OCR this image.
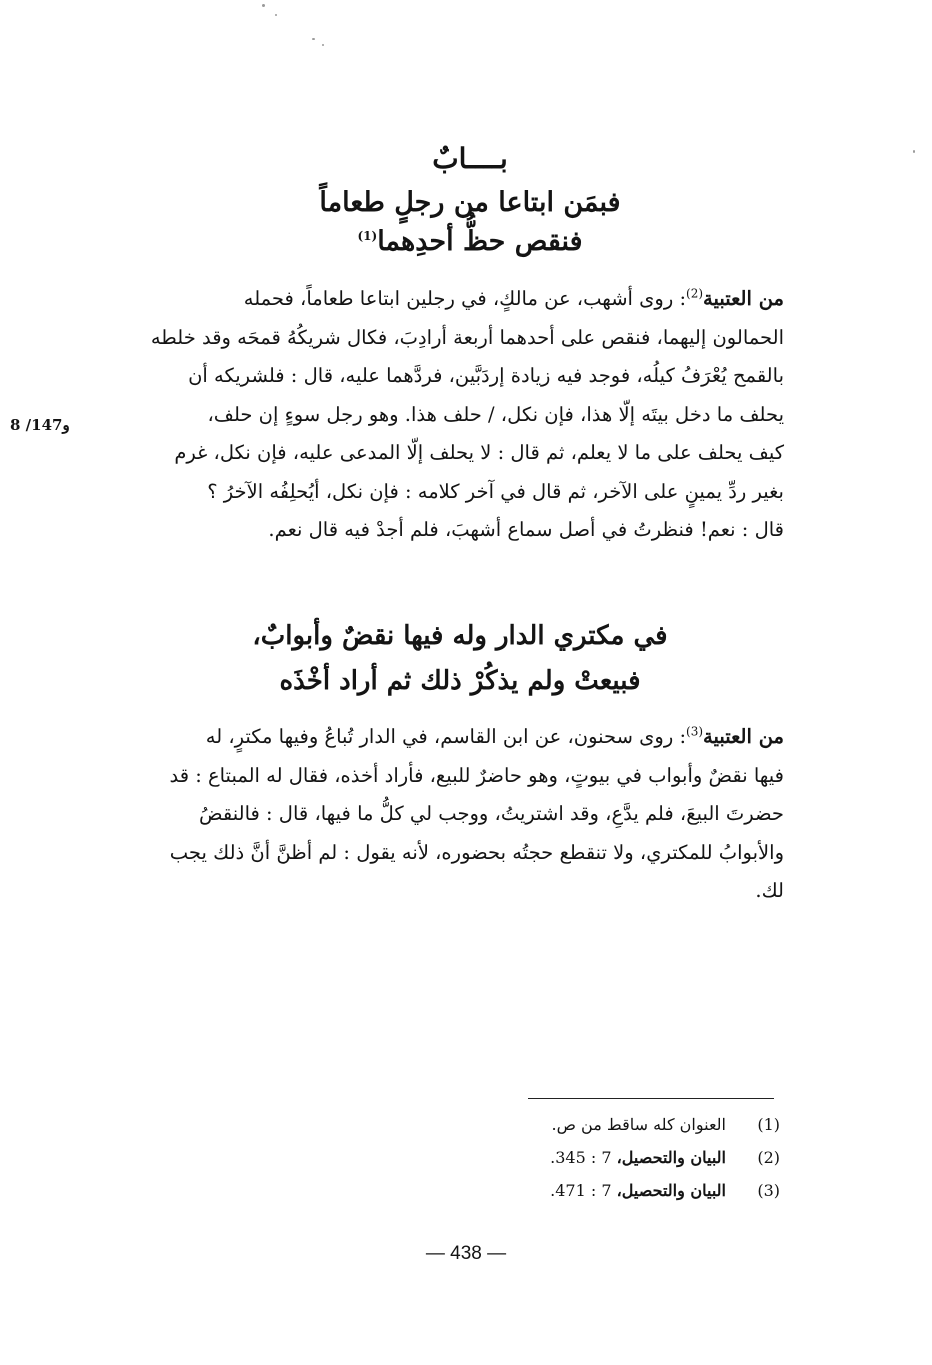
بــــابٌ
فبمَن ابتاعا من رجلٍ طعاماً
فنقص حظُّ أحدِهما$^{(1)}$

من العتبية$^{(2)}$: روى أشهب، عن مالكٍ، في رجلين ابتاعا طعاماً، فحمله

الحمالون إليهما، فنقص على أحدهما أربعة أرادِبَ، فكال شريكُهُ قمحَه وقد خلطه

بالقمح يُعْرَفُ كيلُه، فوجد فيه زيادة إردَبَّين، فردَّهما عليه، قال : فلشريكه أن

يحلف ما دخل بيتَه إلّا هذا، فإن نكل، / حلف هذا. وهو رجل سوءٍ إن حلف،

كيف يحلف على ما لا يعلم، ثم قال : لا يحلف إلّا المدعى عليه، فإن نكل، غرم

بغير ردِّ يمينٍ على الآخر، ثم قال في آخر كلامه : فإن نكل، أيُحلِفُه الآخرُ ؟

قال : نعم! فنظرتُ في أصل سماع أشهبَ، فلم أجدْ فيه قال نعم.

8 /147و
في مكتري الدار وله فيها نقضٌ وأبوابٌ،
فبيعتْ ولم يذكُرْ ذلك ثم أراد أخْذَه

من العتبية$^{(3)}$: روى سحنون، عن ابن القاسم، في الدار تُباعُ وفيها مكترٍ، له

فيها نقضٌ وأبواب في بيوتٍ، وهو حاضرٌ للبيع، فأراد أخذه، فقال له المبتاع : قد

حضرتَ البيعَ، فلم يدَّعِ، وقد اشتريتُ، ووجب لي كلُّ ما فيها، قال : فالنقضُ

والأبوابُ للمكتري، ولا تنقطع حجتُه بحضوره، لأنه يقول : لم أظنَّ أنَّ ذلك يجب

لك.

(1)
العنوان كله ساقط من ص.
(2)
البيان والتحصيل، 7 : 345.
(3)
البيان والتحصيل، 7 : 471.
— 438 —
